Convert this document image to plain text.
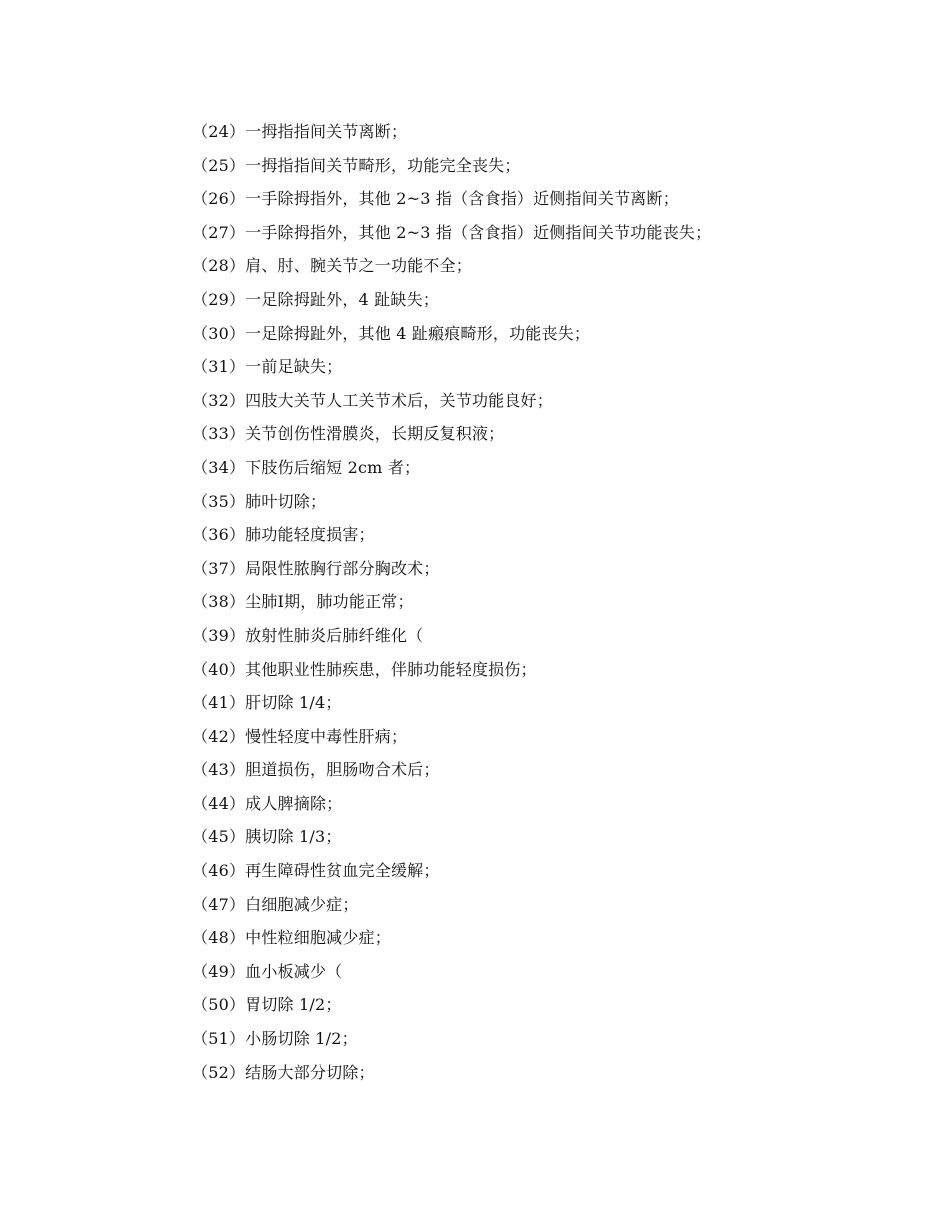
（24）一拇指指间关节离断；
（25）一拇指指间关节畸形，功能完全丧失；
（26）一手除拇指外，其他 2~3 指（含食指）近侧指间关节离断；
（27）一手除拇指外，其他 2~3 指（含食指）近侧指间关节功能丧失；
（28）肩、肘、腕关节之一功能不全；
（29）一足除拇趾外，4 趾缺失；
（30）一足除拇趾外，其他 4 趾瘢痕畸形，功能丧失；
（31）一前足缺失；
（32）四肢大关节人工关节术后，关节功能良好；
（33）关节创伤性滑膜炎，长期反复积液；
（34）下肢伤后缩短 2cm 者；
（35）肺叶切除；
（36）肺功能轻度损害；
（37）局限性脓胸行部分胸改术；
（38）尘肺Ⅰ期，肺功能正常；
（39）放射性肺炎后肺纤维化（
（40）其他职业性肺疾患，伴肺功能轻度损伤；
（41）肝切除 1/4；
（42）慢性轻度中毒性肝病；
（43）胆道损伤，胆肠吻合术后；
（44）成人脾摘除；
（45）胰切除 1/3；
（46）再生障碍性贫血完全缓解；
（47）白细胞减少症；
（48）中性粒细胞减少症；
（49）血小板减少（
（50）胃切除 1/2；
（51）小肠切除 1/2；
（52）结肠大部分切除；
